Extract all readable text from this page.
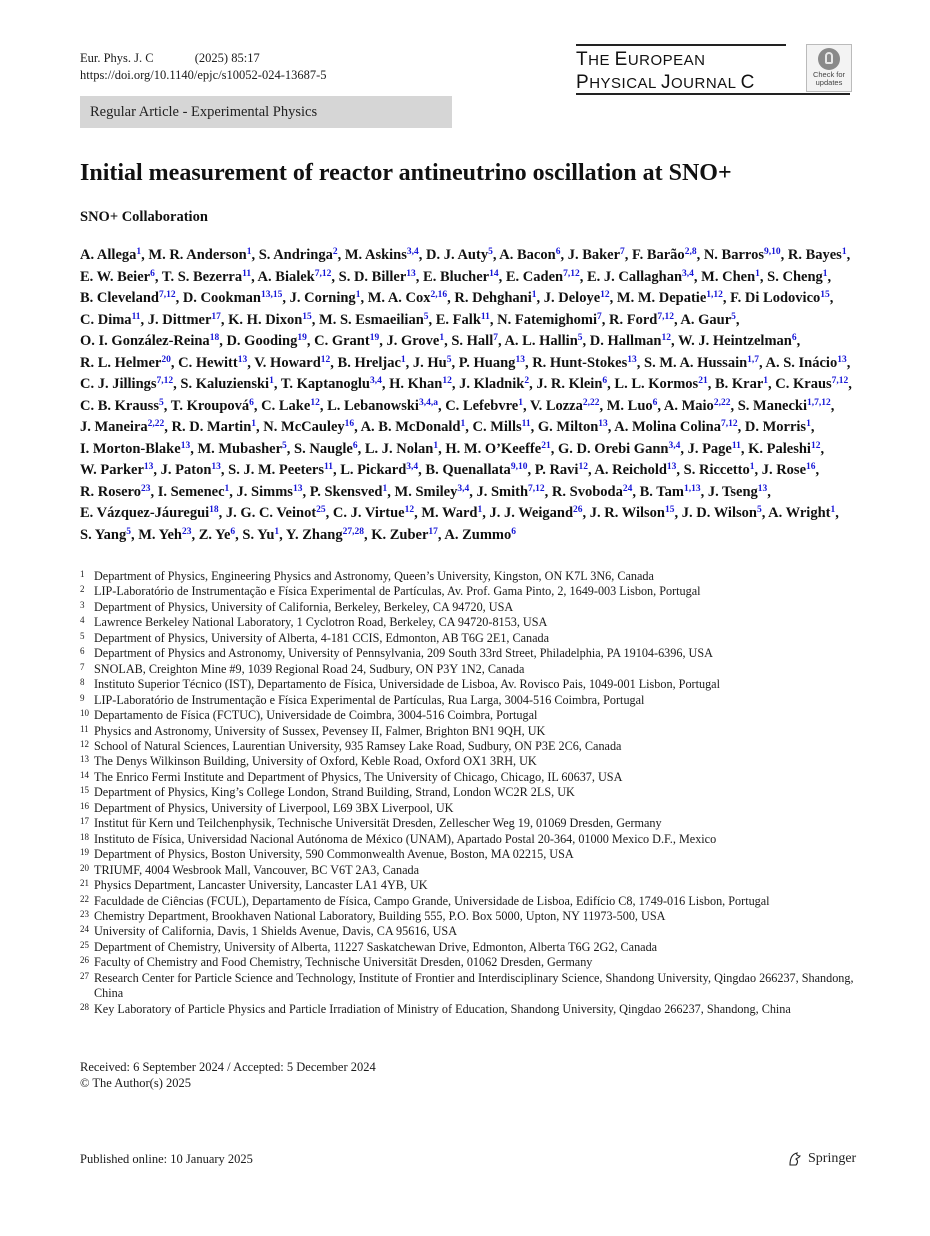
Eur. Phys. J. C	(2025) 85:17
https://doi.org/10.1140/epjc/s10052-024-13687-5
THE EUROPEAN
PHYSICAL JOURNAL C	Check for
updates
Regular Article - Experimental Physics
Initial measurement of reactor antineutrino oscillation at SNO+
SNO+ Collaboration
A. Allega$^1$, M. R. Anderson$^1$, S. Andringa$^2$, M. Askins$^{3,4}$, D. J. Auty$^5$, A. Bacon$^6$, J. Baker$^7$, F. Barão$^{2,8}$, N. Barros$^{9,10}$, R. Bayes$^1$, E. W. Beier$^6$, T. S. Bezerra$^{11}$, A. Bialek$^{7,12}$, S. D. Biller$^{13}$, E. Blucher$^{14}$, E. Caden$^{7,12}$, E. J. Callaghan$^{3,4}$, M. Chen$^1$, S. Cheng$^1$, B. Cleveland$^{7,12}$, D. Cookman$^{13,15}$, J. Corning$^1$, M. A. Cox$^{2,16}$, R. Dehghani$^1$, J. Deloye$^{12}$, M. M. Depatie$^{1,12}$, F. Di Lodovico$^{15}$, C. Dima$^{11}$, J. Dittmer$^{17}$, K. H. Dixon$^{15}$, M. S. Esmaeilian$^5$, E. Falk$^{11}$, N. Fatemighomi$^7$, R. Ford$^{7,12}$, A. Gaur$^5$, O. I. González-Reina$^{18}$, D. Gooding$^{19}$, C. Grant$^{19}$, J. Grove$^1$, S. Hall$^7$, A. L. Hallin$^5$, D. Hallman$^{12}$, W. J. Heintzelman$^6$, R. L. Helmer$^{20}$, C. Hewitt$^{13}$, V. Howard$^{12}$, B. Hreljac$^1$, J. Hu$^5$, P. Huang$^{13}$, R. Hunt-Stokes$^{13}$, S. M. A. Hussain$^{1,7}$, A. S. Inácio$^{13}$, C. J. Jillings$^{7,12}$, S. Kaluzienski$^1$, T. Kaptanoglu$^{3,4}$, H. Khan$^{12}$, J. Kladnik$^2$, J. R. Klein$^6$, L. L. Kormos$^{21}$, B. Krar$^1$, C. Kraus$^{7,12}$, C. B. Krauss$^5$, T. Kroupová$^6$, C. Lake$^{12}$, L. Lebanowski$^{3,4,a}$, C. Lefebvre$^1$, V. Lozza$^{2,22}$, M. Luo$^6$, A. Maio$^{2,22}$, S. Manecki$^{1,7,12}$, J. Maneira$^{2,22}$, R. D. Martin$^1$, N. McCauley$^{16}$, A. B. McDonald$^1$, C. Mills$^{11}$, G. Milton$^{13}$, A. Molina Colina$^{7,12}$, D. Morris$^1$, I. Morton-Blake$^{13}$, M. Mubasher$^5$, S. Naugle$^6$, L. J. Nolan$^1$, H. M. O’Keeffe$^{21}$, G. D. Orebi Gann$^{3,4}$, J. Page$^{11}$, K. Paleshi$^{12}$, W. Parker$^{13}$, J. Paton$^{13}$, S. J. M. Peeters$^{11}$, L. Pickard$^{3,4}$, B. Quenallata$^{9,10}$, P. Ravi$^{12}$, A. Reichold$^{13}$, S. Riccetto$^1$, J. Rose$^{16}$, R. Rosero$^{23}$, I. Semenec$^1$, J. Simms$^{13}$, P. Skensved$^1$, M. Smiley$^{3,4}$, J. Smith$^{7,12}$, R. Svoboda$^{24}$, B. Tam$^{1,13}$, J. Tseng$^{13}$, E. Vázquez-Jáuregui$^{18}$, J. G. C. Veinot$^{25}$, C. J. Virtue$^{12}$, M. Ward$^1$, J. J. Weigand$^{26}$, J. R. Wilson$^{15}$, J. D. Wilson$^5$, A. Wright$^1$, S. Yang$^5$, M. Yeh$^{23}$, Z. Ye$^6$, S. Yu$^1$, Y. Zhang$^{27,28}$, K. Zuber$^{17}$, A. Zummo$^6$
1 Department of Physics, Engineering Physics and Astronomy, Queen’s University, Kingston, ON K7L 3N6, Canada
2 LIP-Laboratório de Instrumentação e Física Experimental de Partículas, Av. Prof. Gama Pinto, 2, 1649-003 Lisbon, Portugal
3 Department of Physics, University of California, Berkeley, Berkeley, CA 94720, USA
4 Lawrence Berkeley National Laboratory, 1 Cyclotron Road, Berkeley, CA 94720-8153, USA
5 Department of Physics, University of Alberta, 4-181 CCIS, Edmonton, AB T6G 2E1, Canada
6 Department of Physics and Astronomy, University of Pennsylvania, 209 South 33rd Street, Philadelphia, PA 19104-6396, USA
7 SNOLAB, Creighton Mine #9, 1039 Regional Road 24, Sudbury, ON P3Y 1N2, Canada
8 Instituto Superior Técnico (IST), Departamento de Física, Universidade de Lisboa, Av. Rovisco Pais, 1049-001 Lisbon, Portugal
9 LIP-Laboratório de Instrumentação e Física Experimental de Partículas, Rua Larga, 3004-516 Coimbra, Portugal
10 Departamento de Física (FCTUC), Universidade de Coimbra, 3004-516 Coimbra, Portugal
11 Physics and Astronomy, University of Sussex, Pevensey II, Falmer, Brighton BN1 9QH, UK
12 School of Natural Sciences, Laurentian University, 935 Ramsey Lake Road, Sudbury, ON P3E 2C6, Canada
13 The Denys Wilkinson Building, University of Oxford, Keble Road, Oxford OX1 3RH, UK
14 The Enrico Fermi Institute and Department of Physics, The University of Chicago, Chicago, IL 60637, USA
15 Department of Physics, King’s College London, Strand Building, Strand, London WC2R 2LS, UK
16 Department of Physics, University of Liverpool, L69 3BX Liverpool, UK
17 Institut für Kern und Teilchenphysik, Technische Universität Dresden, Zellescher Weg 19, 01069 Dresden, Germany
18 Instituto de Física, Universidad Nacional Autónoma de México (UNAM), Apartado Postal 20-364, 01000 Mexico D.F., Mexico
19 Department of Physics, Boston University, 590 Commonwealth Avenue, Boston, MA 02215, USA
20 TRIUMF, 4004 Wesbrook Mall, Vancouver, BC V6T 2A3, Canada
21 Physics Department, Lancaster University, Lancaster LA1 4YB, UK
22 Faculdade de Ciências (FCUL), Departamento de Física, Campo Grande, Universidade de Lisboa, Edifício C8, 1749-016 Lisbon, Portugal
23 Chemistry Department, Brookhaven National Laboratory, Building 555, P.O. Box 5000, Upton, NY 11973-500, USA
24 University of California, Davis, 1 Shields Avenue, Davis, CA 95616, USA
25 Department of Chemistry, University of Alberta, 11227 Saskatchewan Drive, Edmonton, Alberta T6G 2G2, Canada
26 Faculty of Chemistry and Food Chemistry, Technische Universität Dresden, 01062 Dresden, Germany
27 Research Center for Particle Science and Technology, Institute of Frontier and Interdisciplinary Science, Shandong University, Qingdao 266237, Shandong, China
28 Key Laboratory of Particle Physics and Particle Irradiation of Ministry of Education, Shandong University, Qingdao 266237, Shandong, China
Received: 6 September 2024 / Accepted: 5 December 2024
© The Author(s) 2025
Published online: 10 January 2025	Springer
